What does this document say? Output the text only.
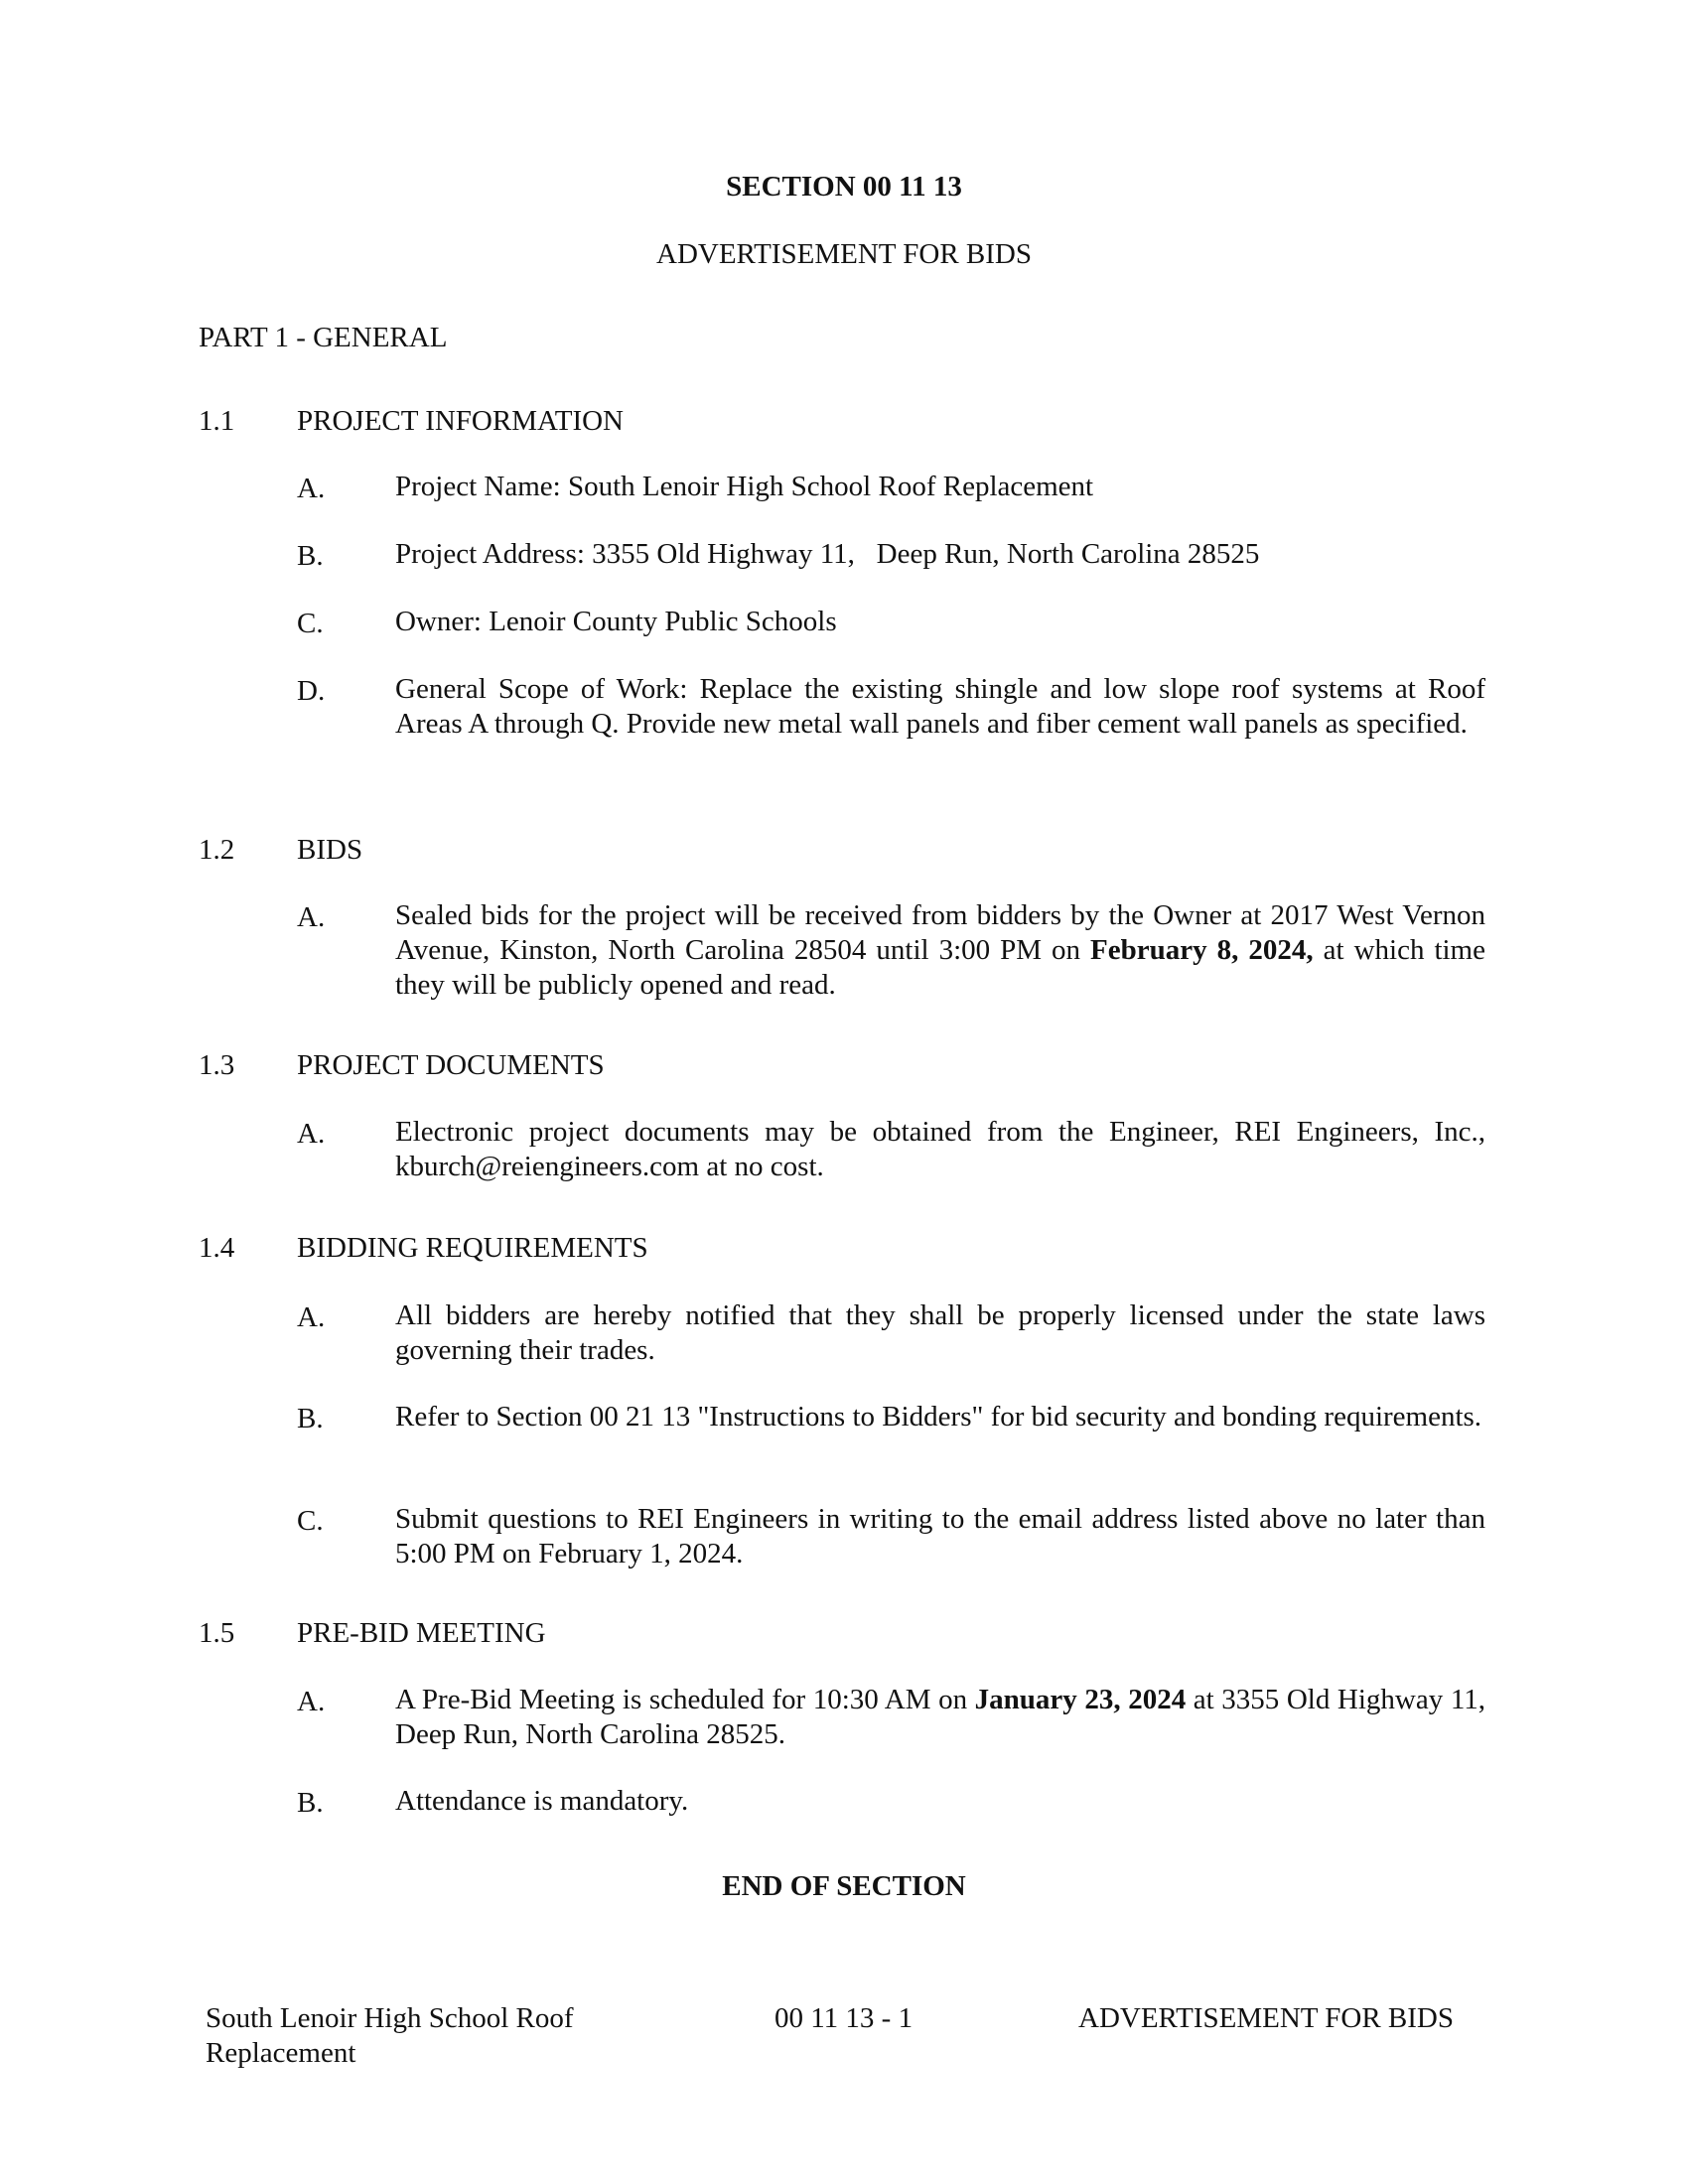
SECTION 00 11 13
ADVERTISEMENT FOR BIDS
PART 1 - GENERAL
1.1 PROJECT INFORMATION
A. Project Name: South Lenoir High School Roof Replacement
B. Project Address: 3355 Old Highway 11,   Deep Run, North Carolina 28525
C. Owner: Lenoir County Public Schools
D. General Scope of Work: Replace the existing shingle and low slope roof systems at Roof Areas A through Q. Provide new metal wall panels and fiber cement wall panels as specified.
1.2 BIDS
A. Sealed bids for the project will be received from bidders by the Owner at 2017 West Vernon Avenue, Kinston, North Carolina 28504 until 3:00 PM on February 8, 2024, at which time they will be publicly opened and read.
1.3 PROJECT DOCUMENTS
A. Electronic project documents may be obtained from the Engineer, REI Engineers, Inc., kburch@reiengineers.com at no cost.
1.4 BIDDING REQUIREMENTS
A. All bidders are hereby notified that they shall be properly licensed under the state laws governing their trades.
B. Refer to Section 00 21 13 "Instructions to Bidders" for bid security and bonding requirements.
C. Submit questions to REI Engineers in writing to the email address listed above no later than 5:00 PM on February 1, 2024.
1.5 PRE-BID MEETING
A. A Pre-Bid Meeting is scheduled for 10:30 AM on January 23, 2024 at 3355 Old Highway 11,   Deep Run, North Carolina 28525.
B. Attendance is mandatory.
END OF SECTION
South Lenoir High School Roof Replacement
00 11 13 - 1	ADVERTISEMENT FOR BIDS
